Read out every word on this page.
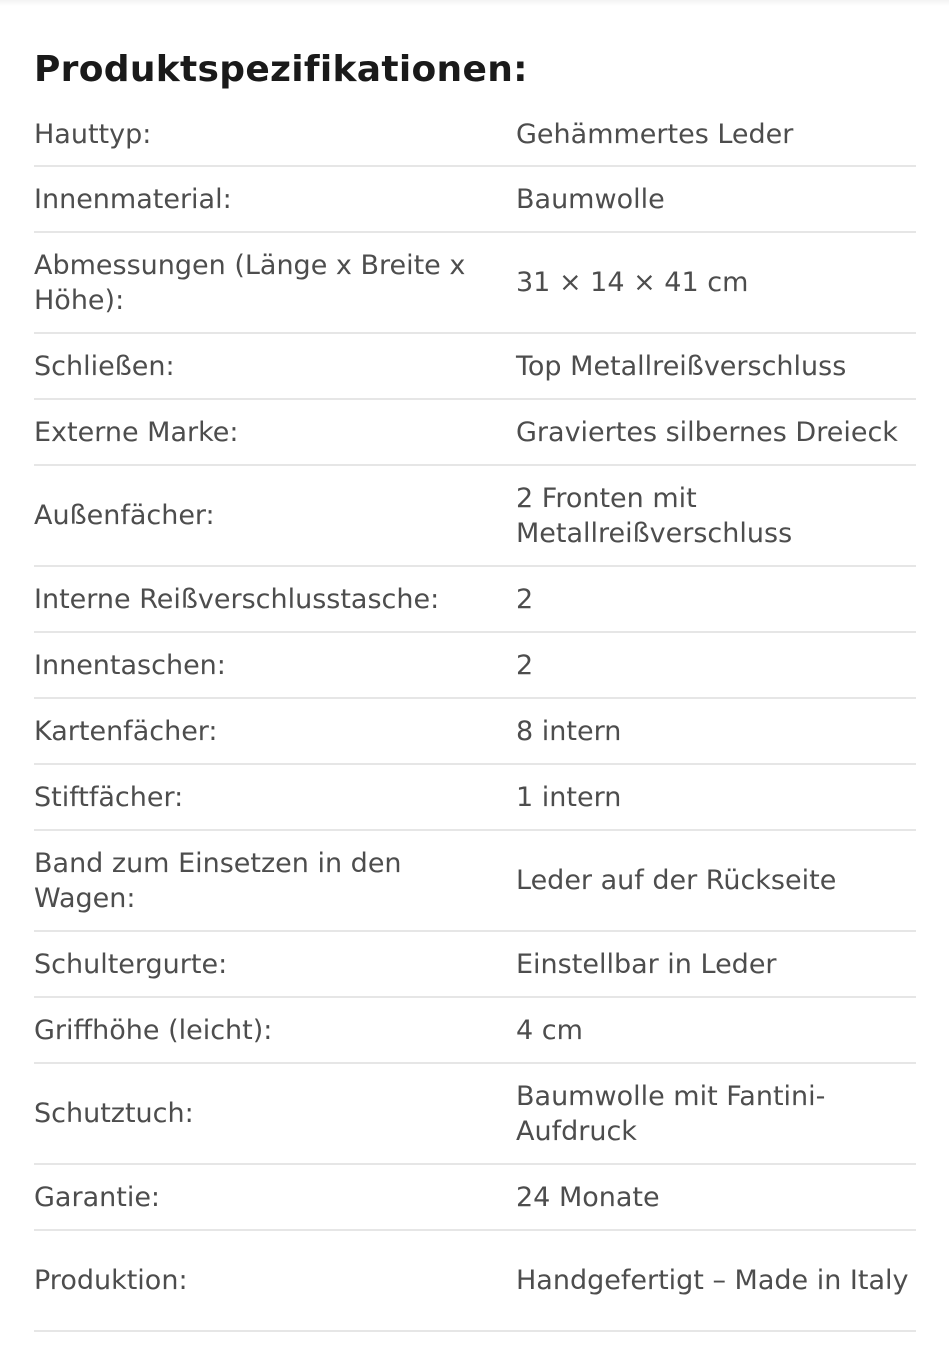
Produktspezifikationen:
Hauttyp:	Gehämmertes Leder
Innenmaterial:	Baumwolle
Abmessungen (Länge x Breite x Höhe):	31 × 14 × 41 cm
Schließen:	Top Metallreißverschluss
Externe Marke:	Graviertes silbernes Dreieck
Außenfächer:	2 Fronten mit Metallreißverschluss
Interne Reißverschlusstasche:	2
Innentaschen:	2
Kartenfächer:	8 intern
Stiftfächer:	1 intern
Band zum Einsetzen in den Wagen:	Leder auf der Rückseite
Schultergurte:	Einstellbar in Leder
Griffhöhe (leicht):	4 cm
Schutztuch:	Baumwolle mit Fantini-Aufdruck
Garantie:	24 Monate
Produktion:	Handgefertigt – Made in Italy
